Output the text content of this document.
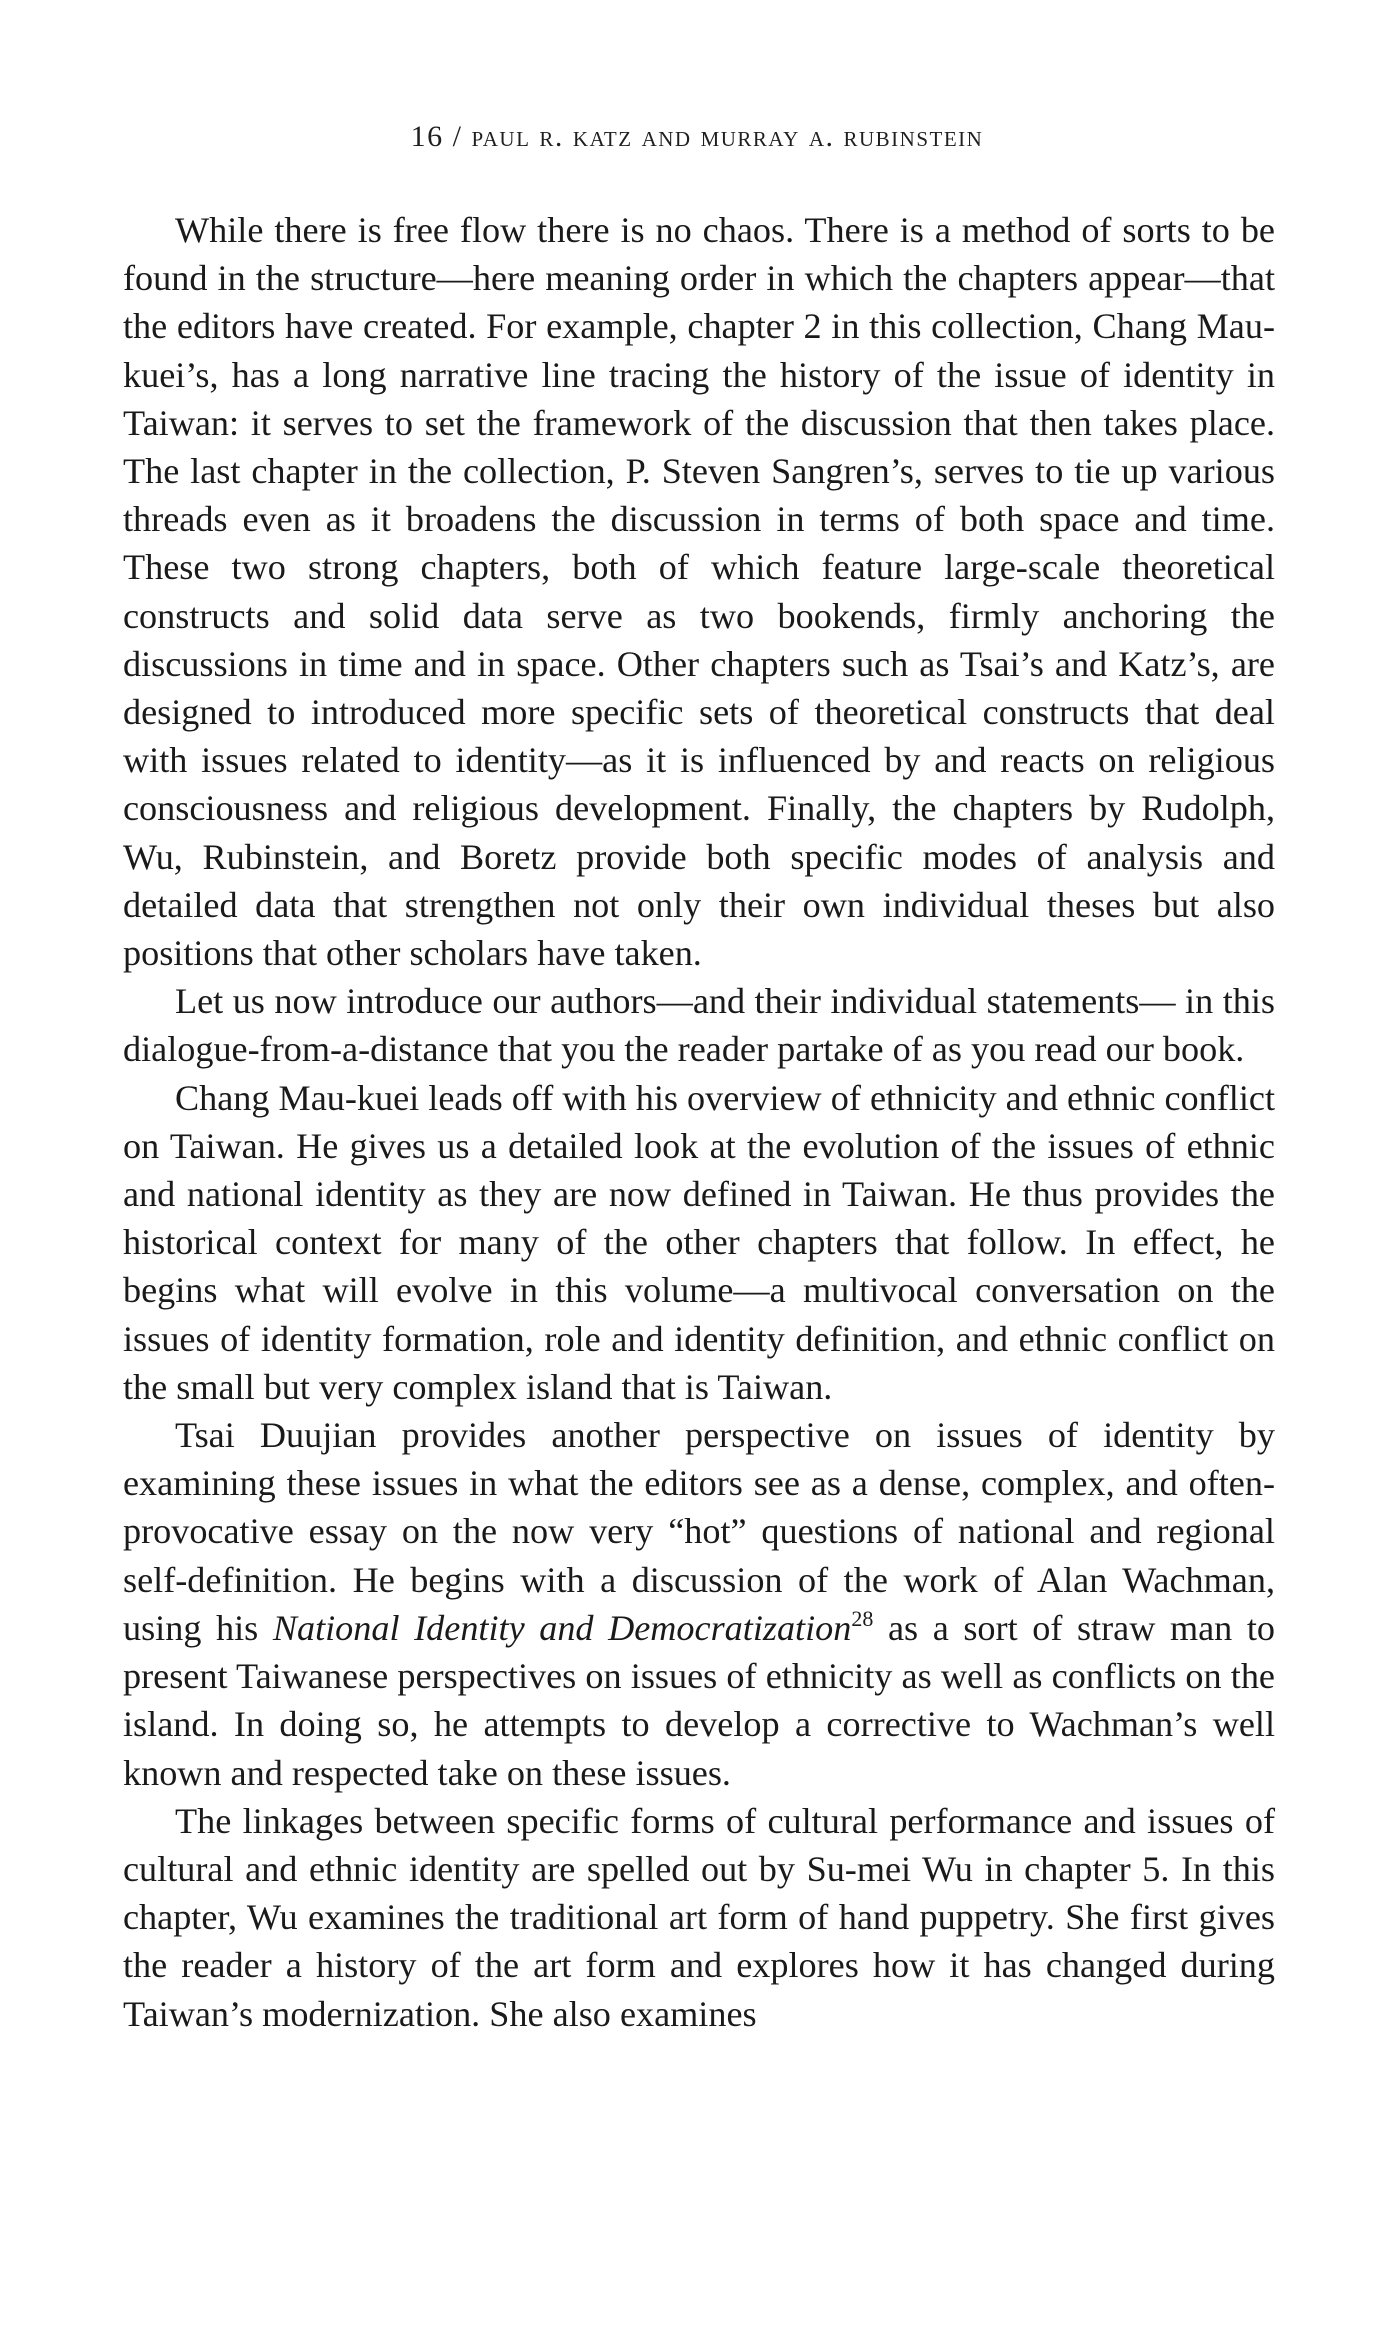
16 / paul r. katz and murray a. rubinstein

While there is free flow there is no chaos. There is a method of sorts to be found in the structure—here meaning order in which the chapters appear—that the editors have created. For example, chapter 2 in this collection, Chang Mau-kuei’s, has a long narrative line tracing the history of the issue of identity in Taiwan: it serves to set the framework of the discussion that then takes place. The last chapter in the collection, P. Steven Sangren’s, serves to tie up various threads even as it broadens the discussion in terms of both space and time. These two strong chapters, both of which feature large-scale theoretical constructs and solid data serve as two bookends, firmly anchoring the discussions in time and in space. Other chapters such as Tsai’s and Katz’s, are designed to introduced more specific sets of theoretical constructs that deal with issues related to identity—as it is influenced by and reacts on religious consciousness and religious development. Finally, the chapters by Rudolph, Wu, Rubinstein, and Boretz provide both specific modes of analysis and detailed data that strengthen not only their own individual theses but also positions that other scholars have taken.

Let us now introduce our authors—and their individual statements— in this dialogue-from-a-distance that you the reader partake of as you read our book.

Chang Mau-kuei leads off with his overview of ethnicity and ethnic conflict on Taiwan. He gives us a detailed look at the evolution of the issues of ethnic and national identity as they are now defined in Taiwan. He thus provides the historical context for many of the other chapters that follow. In effect, he begins what will evolve in this volume—a multivocal conversation on the issues of identity formation, role and identity definition, and ethnic conflict on the small but very complex island that is Taiwan.

Tsai Duujian provides another perspective on issues of identity by examining these issues in what the editors see as a dense, complex, and often-provocative essay on the now very “hot” questions of national and regional self-definition. He begins with a discussion of the work of Alan Wachman, using his National Identity and Democratization$^{28}$ as a sort of straw man to present Taiwanese perspectives on issues of ethnicity as well as conflicts on the island. In doing so, he attempts to develop a corrective to Wachman’s well known and respected take on these issues.

The linkages between specific forms of cultural performance and issues of cultural and ethnic identity are spelled out by Su-mei Wu in chapter 5. In this chapter, Wu examines the traditional art form of hand puppetry. She first gives the reader a history of the art form and explores how it has changed during Taiwan’s modernization. She also examines
